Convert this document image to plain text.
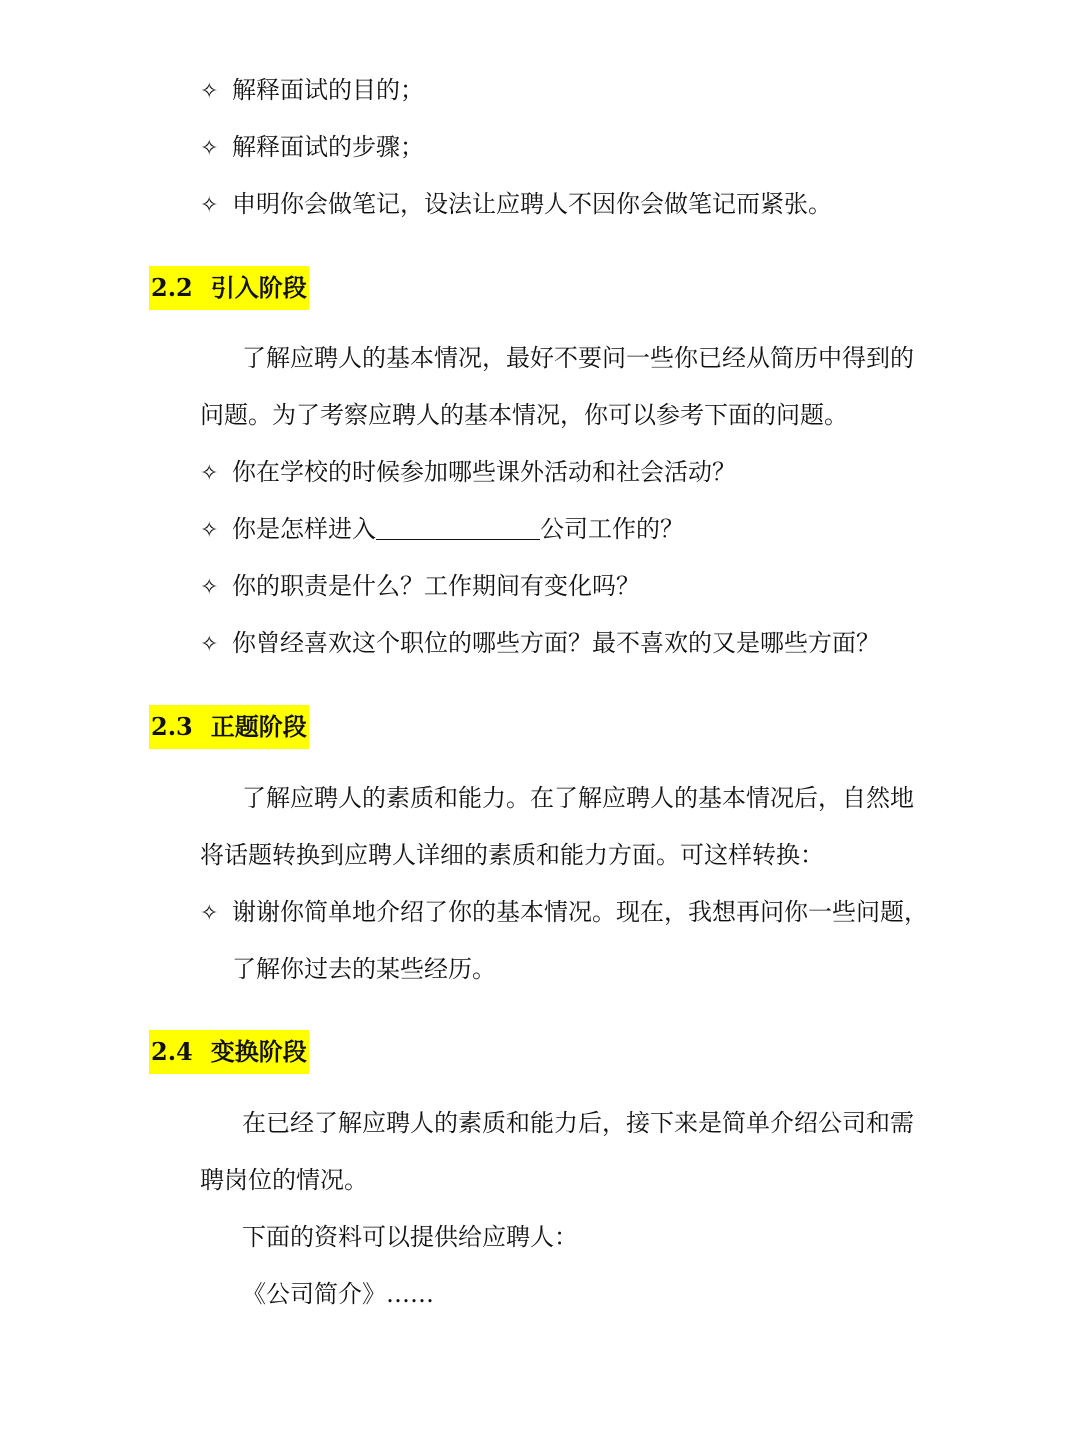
✧ 解释面试的目的；
✧ 解释面试的步骤；
✧ 申明你会做笔记，设法让应聘人不因你会做笔记而紧张。
2.2 引入阶段
了解应聘人的基本情况，最好不要问一些你已经从简历中得到的
问题。为了考察应聘人的基本情况，你可以参考下面的问题。
✧ 你在学校的时候参加哪些课外活动和社会活动？
✧ 你是怎样进入	公司工作的？
✧ 你的职责是什么？工作期间有变化吗？
✧ 你曾经喜欢这个职位的哪些方面？最不喜欢的又是哪些方面？
2.3 正题阶段
了解应聘人的素质和能力。在了解应聘人的基本情况后，自然地
将话题转换到应聘人详细的素质和能力方面。可这样转换：
✧ 谢谢你简单地介绍了你的基本情况。现在，我想再问你一些问题，
了解你过去的某些经历。
2.4 变换阶段
在已经了解应聘人的素质和能力后，接下来是简单介绍公司和需
聘岗位的情况。
下面的资料可以提供给应聘人：
《公司简介》……
